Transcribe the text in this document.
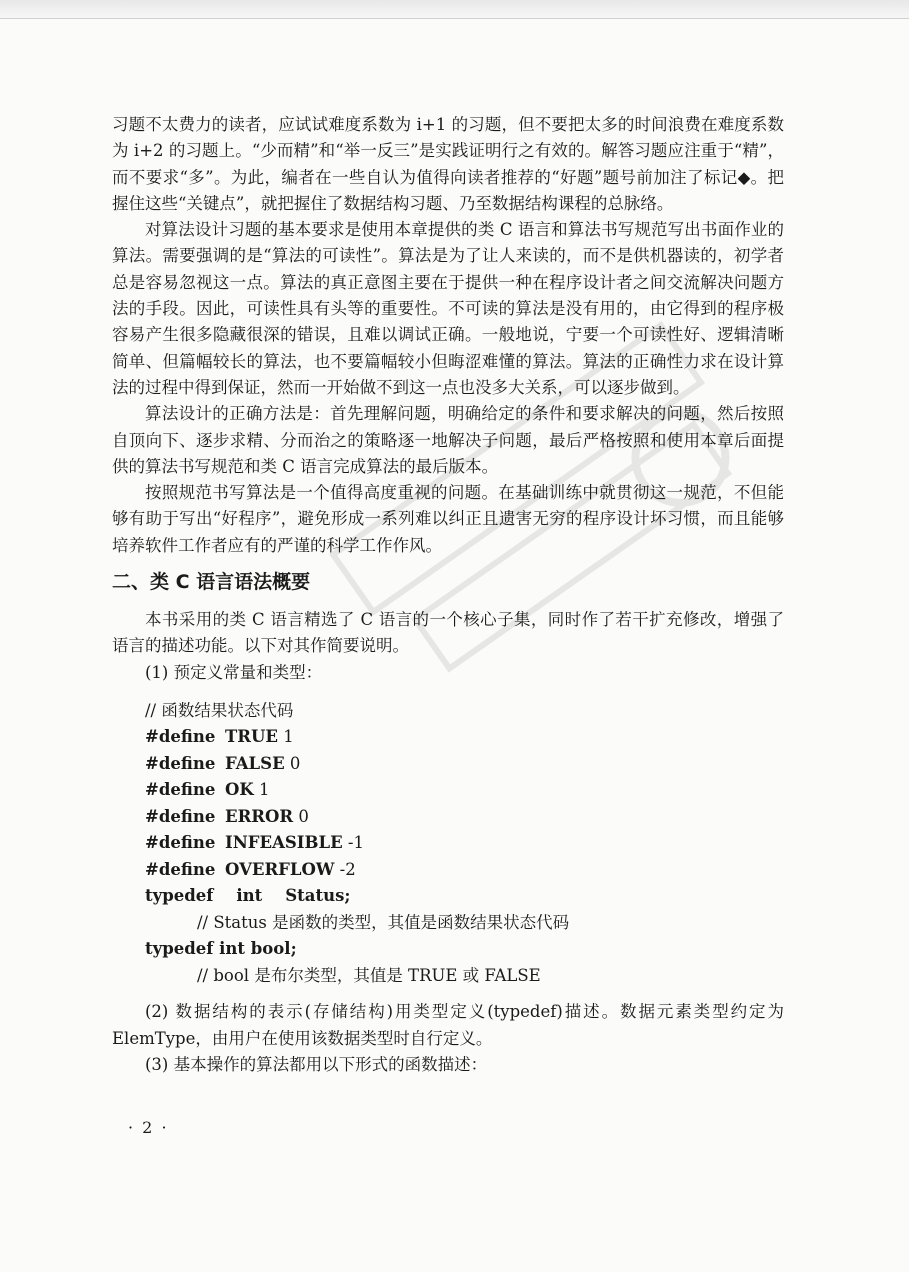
习题不太费力的读者，应试试难度系数为 i+1 的习题，但不要把太多的时间浪费在难度系数为 i+2 的习题上。“少而精”和“举一反三”是实践证明行之有效的。解答习题应注重于“精”，而不要求“多”。为此，编者在一些自认为值得向读者推荐的“好题”题号前加注了标记◆。把握住这些“关键点”，就把握住了数据结构习题、乃至数据结构课程的总脉络。

对算法设计习题的基本要求是使用本章提供的类 C 语言和算法书写规范写出书面作业的算法。需要强调的是“算法的可读性”。算法是为了让人来读的，而不是供机器读的，初学者总是容易忽视这一点。算法的真正意图主要在于提供一种在程序设计者之间交流解决问题方法的手段。因此，可读性具有头等的重要性。不可读的算法是没有用的，由它得到的程序极容易产生很多隐藏很深的错误，且难以调试正确。一般地说，宁要一个可读性好、逻辑清晰简单、但篇幅较长的算法，也不要篇幅较小但晦涩难懂的算法。算法的正确性力求在设计算法的过程中得到保证，然而一开始做不到这一点也没多大关系，可以逐步做到。

算法设计的正确方法是：首先理解问题，明确给定的条件和要求解决的问题，然后按照自顶向下、逐步求精、分而治之的策略逐一地解决子问题，最后严格按照和使用本章后面提供的算法书写规范和类 C 语言完成算法的最后版本。

按照规范书写算法是一个值得高度重视的问题。在基础训练中就贯彻这一规范，不但能够有助于写出“好程序”，避免形成一系列难以纠正且遗害无穷的程序设计坏习惯，而且能够培养软件工作者应有的严谨的科学工作作风。

二、类 C 语言语法概要

本书采用的类 C 语言精选了 C 语言的一个核心子集，同时作了若干扩充修改，增强了语言的描述功能。以下对其作简要说明。

(1) 预定义常量和类型：

// 函数结果状态代码
#define TRUE 1
#define FALSE 0
#define OK 1
#define ERROR 0
#define INFEASIBLE -1
#define OVERFLOW -2
typedef    int    Status;
// Status 是函数的类型，其值是函数结果状态代码
typedef int bool;
// bool 是布尔类型，其值是 TRUE 或 FALSE

(2) 数据结构的表示(存储结构)用类型定义(typedef)描述。数据元素类型约定为 ElemType，由用户在使用该数据类型时自行定义。

(3) 基本操作的算法都用以下形式的函数描述：

· 2 ·
